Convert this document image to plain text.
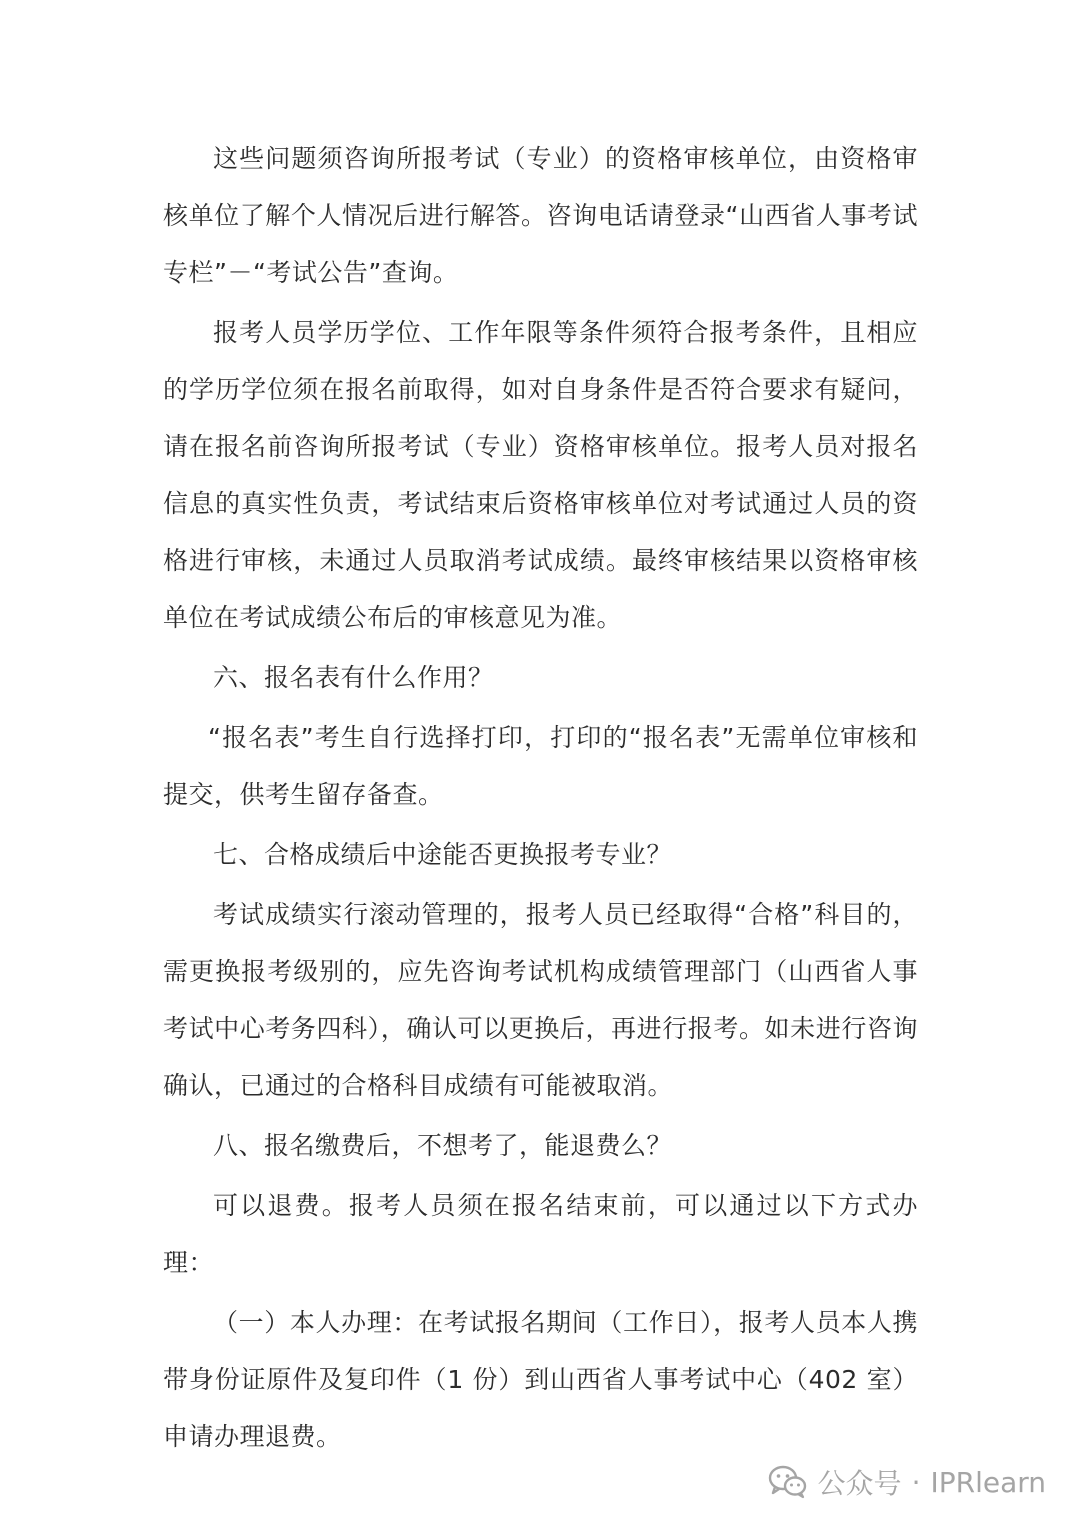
这些问题须咨询所报考试（专业）的资格审核单位，由资格审核单位了解个人情况后进行解答。咨询电话请登录“山西省人事考试专栏”－“考试公告”查询。

报考人员学历学位、工作年限等条件须符合报考条件，且相应的学历学位须在报名前取得，如对自身条件是否符合要求有疑问，请在报名前咨询所报考试（专业）资格审核单位。报考人员对报名信息的真实性负责，考试结束后资格审核单位对考试通过人员的资格进行审核，未通过人员取消考试成绩。最终审核结果以资格审核单位在考试成绩公布后的审核意见为准。

六、报名表有什么作用？

“报名表”考生自行选择打印，打印的“报名表”无需单位审核和提交，供考生留存备查。

七、合格成绩后中途能否更换报考专业？

考试成绩实行滚动管理的，报考人员已经取得“合格”科目的，需更换报考级别的，应先咨询考试机构成绩管理部门（山西省人事考试中心考务四科），确认可以更换后，再进行报考。如未进行咨询确认，已通过的合格科目成绩有可能被取消。

八、报名缴费后，不想考了，能退费么？

可以退费。报考人员须在报名结束前，可以通过以下方式办理：

（一）本人办理：在考试报名期间（工作日），报考人员本人携带身份证原件及复印件（1 份）到山西省人事考试中心（402 室）申请办理退费。

公众号 · IPRlearn
